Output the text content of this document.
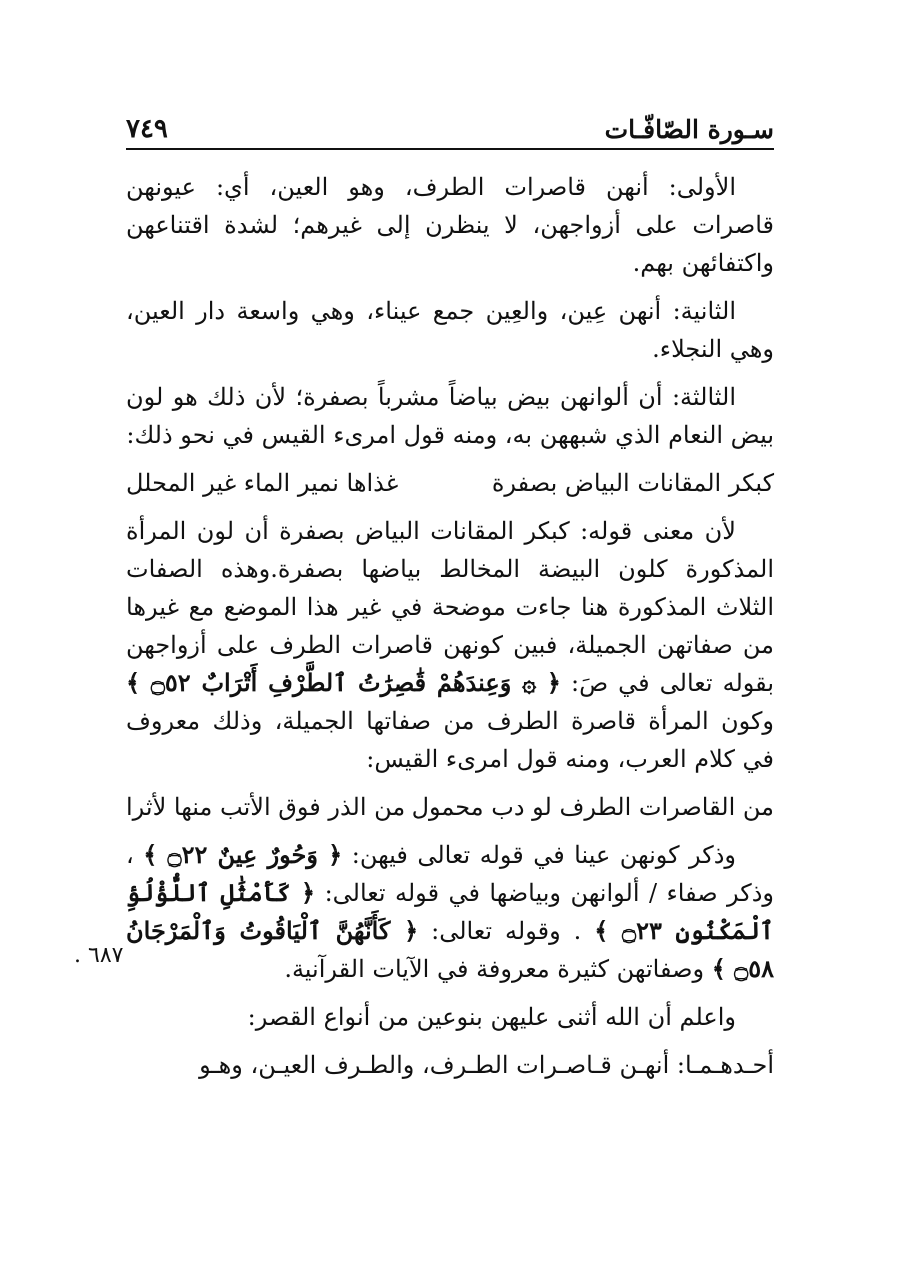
سـورة الصّافّـات
٧٤٩

الأولى: أنهن قاصرات الطرف، وهو العين، أي: عيونهن قاصرات على أزواجهن، لا ينظرن إلى غيرهم؛ لشدة اقتناعهن واكتفائهن بهم.

الثانية: أنهن عِين، والعِين جمع عيناء، وهي واسعة دار العين، وهي النجلاء.

الثالثة: أن ألوانهن بيض بياضاً مشرباً بصفرة؛ لأن ذلك هو لون بيض النعام الذي شبههن به، ومنه قول امرىء القيس في نحو ذلك:

كبكر المقانات البياض بصفرة
غذاها نمير الماء غير المحلل

لأن معنى قوله: كبكر المقانات البياض بصفرة أن لون المرأة المذكورة كلون البيضة المخالط بياضها بصفرة.وهذه الصفات الثلاث المذكورة هنا جاءت موضحة في غير هذا الموضع مع غيرها من صفاتهن الجميلة، فبين كونهن قاصرات الطرف على أزواجهن بقوله تعالى في صَ: ﴿ ۞ وَعِندَهُمْ قَٰصِرَٰتُ ٱلطَّرْفِ أَتْرَابٌ ۝٥٢ ﴾ وكون المرأة قاصرة الطرف من صفاتها الجميلة، وذلك معروف في كلام العرب، ومنه قول امرىء القيس:

من القاصرات الطرف لو دب محمول
من الذر فوق الأتب منها لأثرا

وذكر كونهن عينا في قوله تعالى فيهن: ﴿ وَحُورٌ عِينٌ ۝٢٢ ﴾ ، وذكر صفاء / ألوانهن وبياضها في قوله تعالى: ﴿ كَأَمْثَٰلِ ٱللُّؤْلُؤِ ٱلْمَكْنُونِ ۝٢٣ ﴾ . وقوله تعالى: ﴿ كَأَنَّهُنَّ ٱلْيَاقُوتُ وَٱلْمَرْجَانُ ۝٥٨ ﴾ وصفاتهن كثيرة معروفة في الآيات القرآنية.

واعلم أن الله أثنى عليهن بنوعين من أنواع القصر:

أحـدهـمـا: أنهـن قـاصـرات الطـرف، والطـرف العيـن، وهـو

٦٨٧ .
